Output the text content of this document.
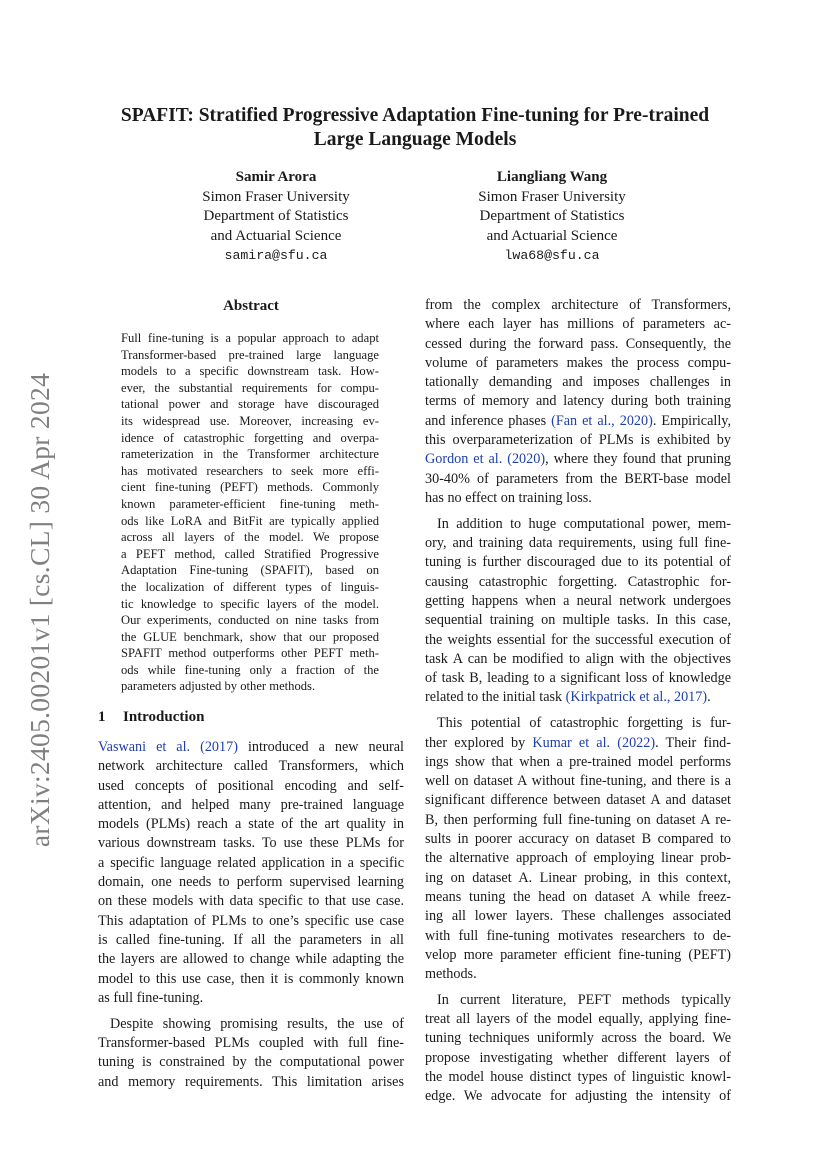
arXiv:2405.00201v1 [cs.CL] 30 Apr 2024
SPAFIT: Stratified Progressive Adaptation Fine-tuning for Pre-trained
Large Language Models
Samir Arora
Simon Fraser University
Department of Statistics
and Actuarial Science
samira@sfu.ca
Liangliang Wang
Simon Fraser University
Department of Statistics
and Actuarial Science
lwa68@sfu.ca
Abstract
Full fine-tuning is a popular approach to adapt
Transformer-based pre-trained large language
models to a specific downstream task. How-
ever, the substantial requirements for compu-
tational power and storage have discouraged
its widespread use. Moreover, increasing ev-
idence of catastrophic forgetting and overpa-
rameterization in the Transformer architecture
has motivated researchers to seek more effi-
cient fine-tuning (PEFT) methods. Commonly
known parameter-efficient fine-tuning meth-
ods like LoRA and BitFit are typically applied
across all layers of the model. We propose
a PEFT method, called Stratified Progressive
Adaptation Fine-tuning (SPAFIT), based on
the localization of different types of linguis-
tic knowledge to specific layers of the model.
Our experiments, conducted on nine tasks from
the GLUE benchmark, show that our proposed
SPAFIT method outperforms other PEFT meth-
ods while fine-tuning only a fraction of the
parameters adjusted by other methods.
1 Introduction
Vaswani et al. (2017) introduced a new neural
network architecture called Transformers, which
used concepts of positional encoding and self-
attention, and helped many pre-trained language
models (PLMs) reach a state of the art quality in
various downstream tasks. To use these PLMs for
a specific language related application in a specific
domain, one needs to perform supervised learning
on these models with data specific to that use case.
This adaptation of PLMs to one’s specific use case
is called fine-tuning. If all the parameters in all
the layers are allowed to change while adapting the
model to this use case, then it is commonly known
as full fine-tuning.
Despite showing promising results, the use of
Transformer-based PLMs coupled with full fine-
tuning is constrained by the computational power
and memory requirements. This limitation arises
from the complex architecture of Transformers,
where each layer has millions of parameters ac-
cessed during the forward pass. Consequently, the
volume of parameters makes the process compu-
tationally demanding and imposes challenges in
terms of memory and latency during both training
and inference phases (Fan et al., 2020). Empirically,
this overparameterization of PLMs is exhibited by
Gordon et al. (2020), where they found that pruning
30-40% of parameters from the BERT-base model
has no effect on training loss.
In addition to huge computational power, mem-
ory, and training data requirements, using full fine-
tuning is further discouraged due to its potential of
causing catastrophic forgetting. Catastrophic for-
getting happens when a neural network undergoes
sequential training on multiple tasks. In this case,
the weights essential for the successful execution of
task A can be modified to align with the objectives
of task B, leading to a significant loss of knowledge
related to the initial task (Kirkpatrick et al., 2017).
This potential of catastrophic forgetting is fur-
ther explored by Kumar et al. (2022). Their find-
ings show that when a pre-trained model performs
well on dataset A without fine-tuning, and there is a
significant difference between dataset A and dataset
B, then performing full fine-tuning on dataset A re-
sults in poorer accuracy on dataset B compared to
the alternative approach of employing linear prob-
ing on dataset A. Linear probing, in this context,
means tuning the head on dataset A while freez-
ing all lower layers. These challenges associated
with full fine-tuning motivates researchers to de-
velop more parameter efficient fine-tuning (PEFT)
methods.
In current literature, PEFT methods typically
treat all layers of the model equally, applying fine-
tuning techniques uniformly across the board. We
propose investigating whether different layers of
the model house distinct types of linguistic knowl-
edge. We advocate for adjusting the intensity of
